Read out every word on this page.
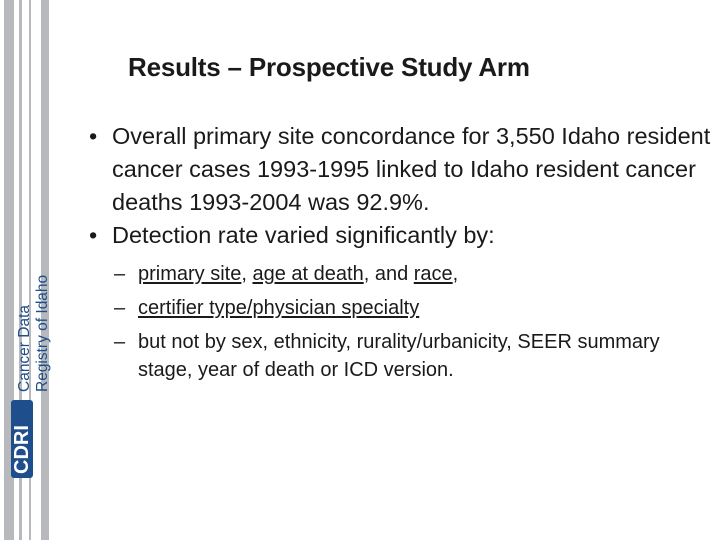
CDRI
Cancer Data Registry of Idaho
Results – Prospective Study Arm
• Overall primary site concordance for 3,550 Idaho resident cancer cases 1993-1995 linked to Idaho resident cancer deaths 1993-2004 was 92.9%.
• Detection rate varied significantly by:
– primary site, age at death, and race,
– certifier type/physician specialty
– but not by sex, ethnicity, rurality/urbanicity, SEER summary stage, year of death or ICD version.
